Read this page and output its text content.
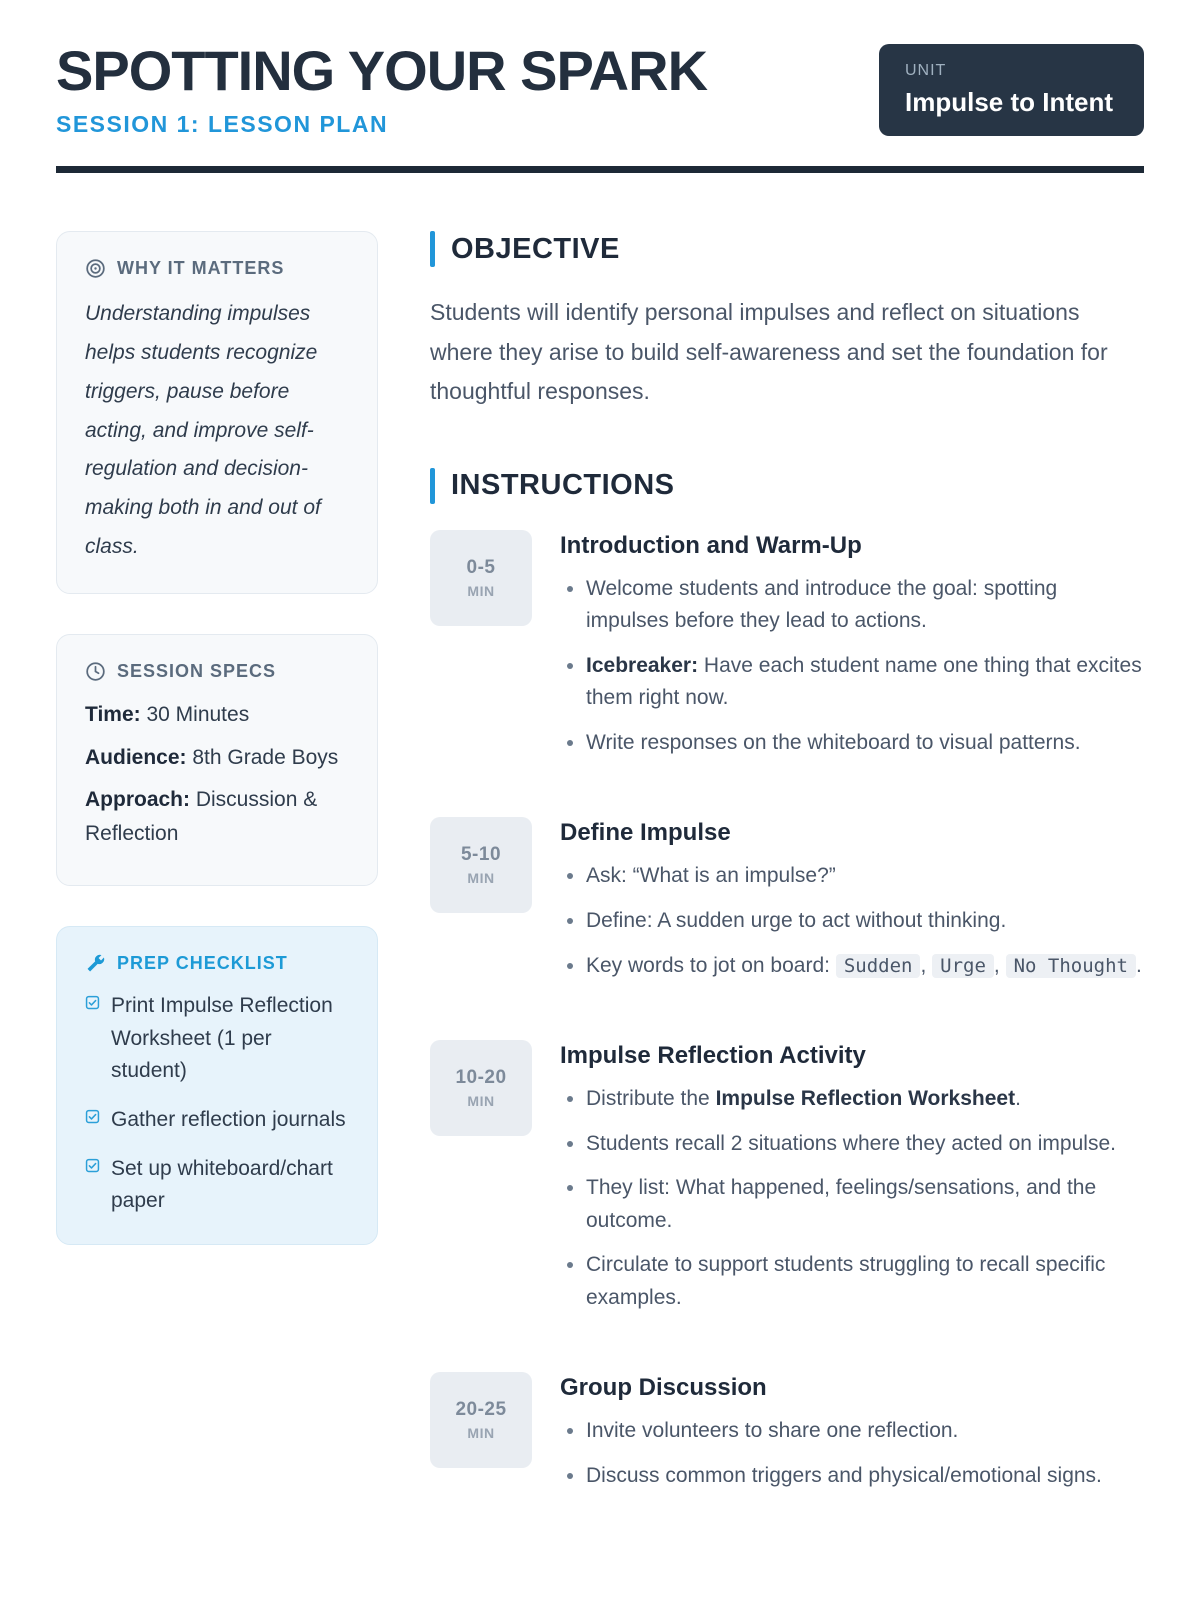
SPOTTING YOUR SPARK
SESSION 1: LESSON PLAN
UNIT
Impulse to Intent
WHY IT MATTERS

Understanding impulses helps students recognize triggers, pause before acting, and improve self-regulation and decision-making both in and out of class.

SESSION SPECS
Time: 30 Minutes
Audience: 8th Grade Boys
Approach: Discussion & Reflection
PREP CHECKLIST
Print Impulse Reflection Worksheet (1 per student)
Gather reflection journals
Set up whiteboard/chart paper
OBJECTIVE

Students will identify personal impulses and reflect on situations where they arise to build self-awareness and set the foundation for thoughtful responses.

INSTRUCTIONS
0-5
MIN
Introduction and Warm-Up
• Welcome students and introduce the goal: spotting impulses before they lead to actions.
• Icebreaker: Have each student name one thing that excites them right now.
• Write responses on the whiteboard to visual patterns.
5-10
MIN
Define Impulse
• Ask: “What is an impulse?”
• Define: A sudden urge to act without thinking.
• Key words to jot on board: Sudden , Urge , No Thought .
10-20
MIN
Impulse Reflection Activity
• Distribute the Impulse Reflection Worksheet.
• Students recall 2 situations where they acted on impulse.
• They list: What happened, feelings/sensations, and the outcome.
• Circulate to support students struggling to recall specific examples.
20-25
MIN
Group Discussion
• Invite volunteers to share one reflection.
• Discuss common triggers and physical/emotional signs.
